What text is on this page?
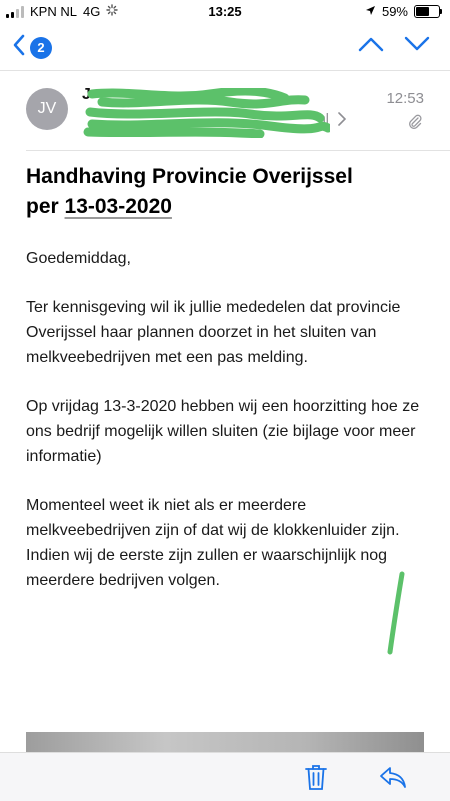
KPN NL 4G	13:25	59%
2
JV
J
nl
12:53
Handhaving Provincie Overijssel
per 13-03-2020

Goedemiddag,

Ter kennisgeving wil ik jullie mededelen dat provincie Overijssel haar plannen doorzet in het sluiten van melkveebedrijven met een pas melding.

Op vrijdag 13-3-2020 hebben wij een hoorzitting hoe ze ons bedrijf mogelijk willen sluiten (zie bijlage voor meer informatie)

Momenteel weet ik niet als er meerdere melkveebedrijven zijn of dat wij de klokkenluider zijn. Indien wij de eerste zijn zullen er waarschijnlijk nog meerdere bedrijven volgen.
